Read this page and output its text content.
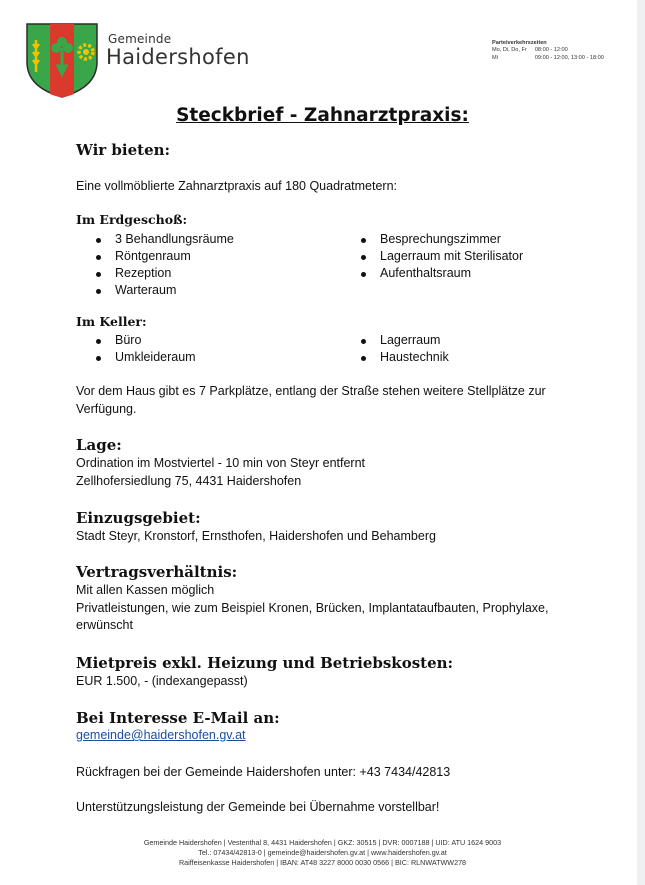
Gemeinde
Haidershofen
Parteiverkehrszeiten
Mo, Di, Do, Fr	08:00 - 12:00
Mi	09:00 - 12:00, 13:00 - 18:00
Steckbrief - Zahnarztpraxis:
Wir bieten:
Eine vollmöblierte Zahnarztpraxis auf 180 Quadratmetern:
Im Erdgeschoß:
3 Behandlungsräume
Röntgenraum
Rezeption
Warteraum
Besprechungszimmer
Lagerraum mit Sterilisator
Aufenthaltsraum
Im Keller:
Büro
Umkleideraum
Lagerraum
Haustechnik
Vor dem Haus gibt es 7 Parkplätze, entlang der Straße stehen weitere Stellplätze zur
Verfügung.
Lage:
Ordination im Mostviertel - 10 min von Steyr entfernt
Zellhofersiedlung 75, 4431 Haidershofen
Einzugsgebiet:
Stadt Steyr, Kronstorf, Ernsthofen, Haidershofen und Behamberg
Vertragsverhältnis:
Mit allen Kassen möglich
Privatleistungen, wie zum Beispiel Kronen, Brücken, Implantataufbauten, Prophylaxe,
erwünscht
Mietpreis exkl. Heizung und Betriebskosten:
EUR 1.500, - (indexangepasst)
Bei Interesse E-Mail an:
gemeinde@haidershofen.gv.at
Rückfragen bei der Gemeinde Haidershofen unter: +43 7434/42813
Unterstützungsleistung der Gemeinde bei Übernahme vorstellbar!
Gemeinde Haidershofen | Vestenthal 8, 4431 Haidershofen | GKZ: 30515 | DVR: 0007188 | UID: ATU 1624 9003
Tel.: 07434/42813-0 | gemeinde@haidershofen.gv.at | www.haidershofen.gv.at
Raiffeisenkasse Haidershofen | IBAN: AT48 3227 8000 0030 0566 | BIC: RLNWATWW278
